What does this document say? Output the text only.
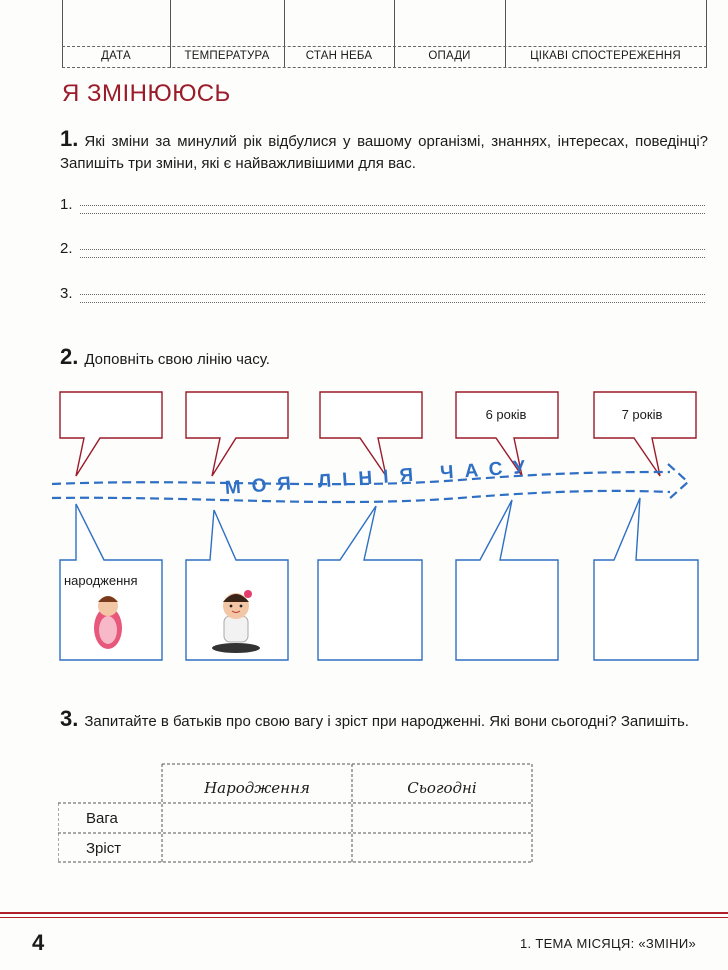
ДАТА	ТЕМПЕРАТУРА	СТАН НЕБА	ОПАДИ	ЦІКАВІ СПОСТЕРЕЖЕННЯ
Я ЗМІНЮЮСЬ
1. Які зміни за минулий рік відбулися у вашому організмі, знаннях, інтересах, поведінці? Запишіть три зміни, які є найважливішими для вас.
1.
2.
3.
2. Доповніть свою лінію часу.
МОЯ ЛІНІЯ ЧАСУ
6 років	7 років
народження
3. Запитайте в батьків про свою вагу і зріст при народженні. Які вони сьогодні? Запишіть.
Народження	Сьогодні
Вага
Зріст
4	1. ТЕМА МІСЯЦЯ: «ЗМІНИ»
